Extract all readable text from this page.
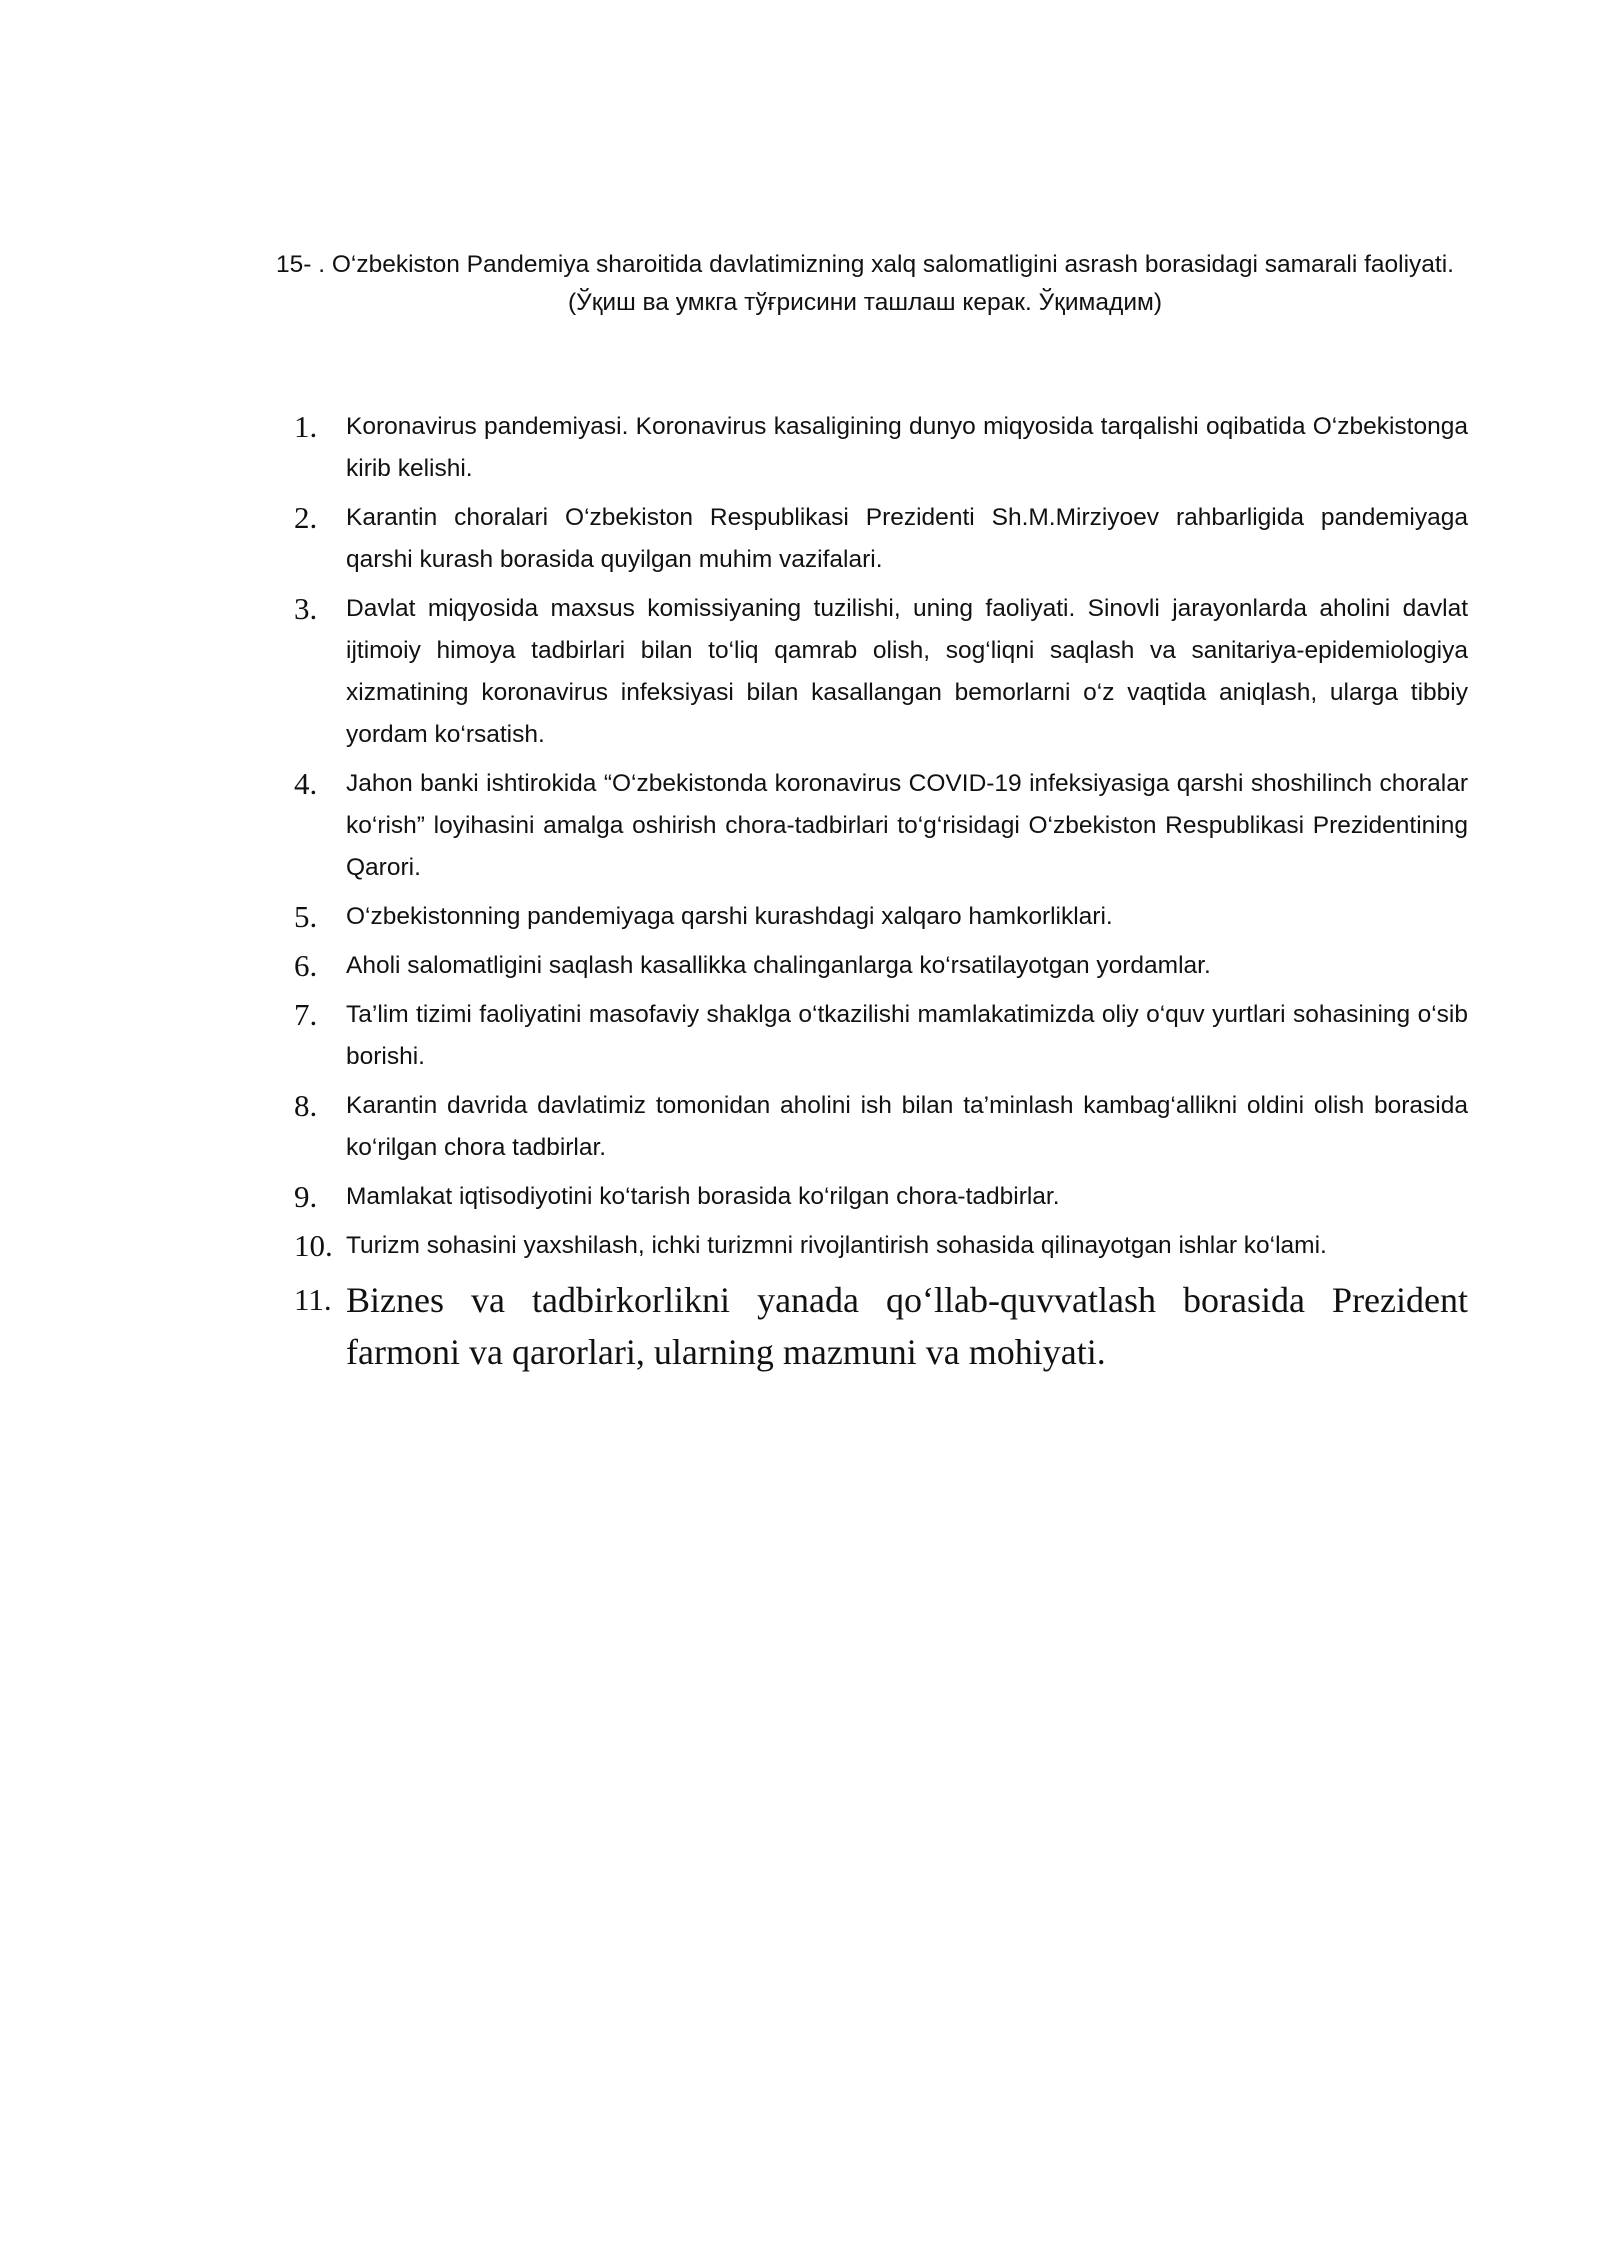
15- . O‘zbekiston Pandemiya sharoitida davlatimizning xalq salomatligini asrash borasidagi samarali faoliyati. (Ўқиш ва умкга тўғрисини ташлаш керак. Ўқимадим)

1.	Koronavirus pandemiyasi. Koronavirus kasaligining dunyo miqyosida tarqalishi oqibatida O‘zbekistonga kirib kelishi.
2.	Karantin choralari O‘zbekiston Respublikasi Prezidenti Sh.M.Mirziyoev rahbarligida pandemiyaga qarshi kurash borasida quyilgan muhim vazifalari.
3.	Davlat miqyosida maxsus komissiyaning tuzilishi, uning faoliyati. Sinovli jarayonlarda aholini davlat ijtimoiy himoya tadbirlari bilan to‘liq qamrab olish, sog‘liqni saqlash va sanitariya-epidemiologiya xizmatining koronavirus infeksiyasi bilan kasallangan bemorlarni o‘z vaqtida aniqlash, ularga tibbiy yordam ko‘rsatish.
4.	Jahon banki ishtirokida “O‘zbekistonda koronavirus COVID-19 infeksiyasiga qarshi shoshilinch choralar ko‘rish” loyihasini amalga oshirish chora-tadbirlari to‘g‘risidagi O‘zbekiston Respublikasi Prezidentining Qarori.
5.	O‘zbekistonning pandemiyaga qarshi kurashdagi xalqaro hamkorliklari.
6.	Aholi salomatligini saqlash kasallikka chalinganlarga ko‘rsatilayotgan yordamlar.
7.	Ta’lim tizimi faoliyatini masofaviy shaklga o‘tkazilishi mamlakatimizda oliy o‘quv yurtlari sohasining o‘sib borishi.
8.	Karantin davrida davlatimiz tomonidan aholini ish bilan ta’minlash kambag‘allikni oldini olish borasida ko‘rilgan chora tadbirlar.
9.	Mamlakat iqtisodiyotini ko‘tarish borasida ko‘rilgan chora-tadbirlar.
10. Turizm sohasini yaxshilash, ichki turizmni rivojlantirish sohasida qilinayotgan ishlar ko‘lami.
11. Biznes va tadbirkorlikni yanada qo‘llab-quvvatlash borasida Prezident farmoni va qarorlari, ularning mazmuni va mohiyati.
